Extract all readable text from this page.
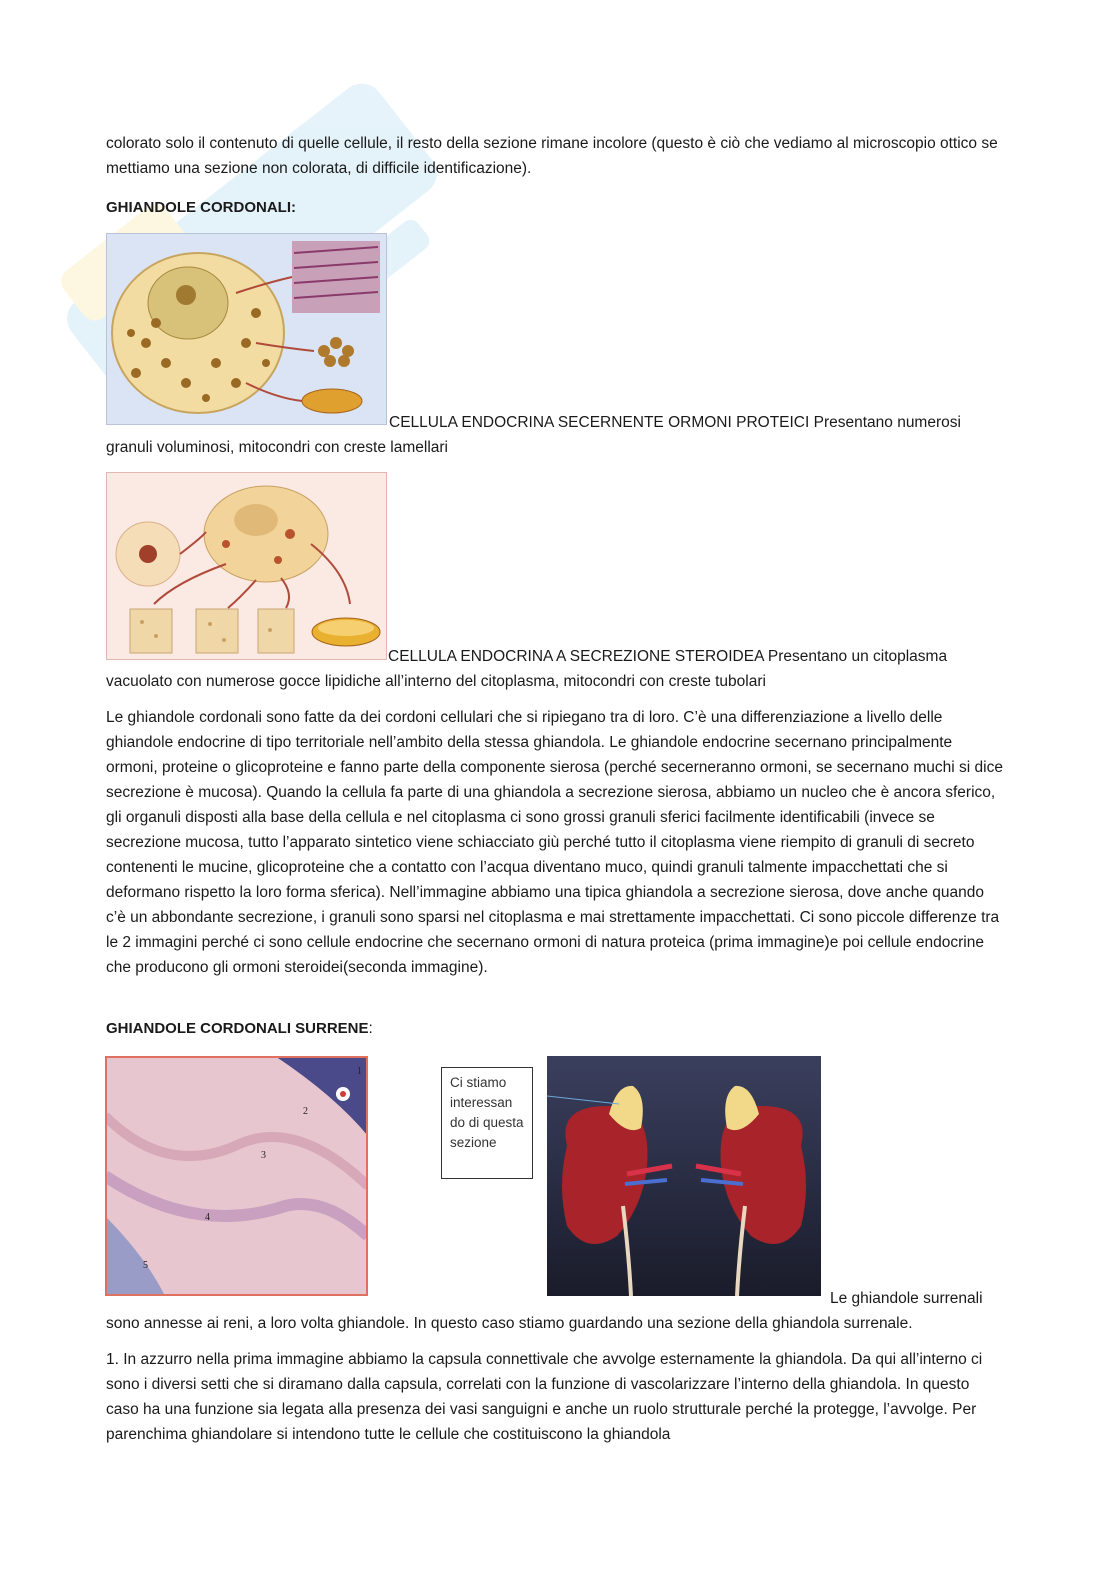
colorato solo il contenuto di quelle cellule, il resto della sezione rimane incolore (questo è ciò che vediamo al microscopio ottico se mettiamo una sezione non colorata, di difficile identificazione).

GHIANDOLE CORDONALI:

CELLULA ENDOCRINA SECERNENTE ORMONI PROTEICI Presentano numerosi

granuli voluminosi, mitocondri con creste lamellari

CELLULA ENDOCRINA A SECREZIONE STEROIDEA Presentano un citoplasma

vacuolato con numerose gocce lipidiche all’interno del citoplasma, mitocondri con creste tubolari

Le ghiandole cordonali sono fatte da dei cordoni cellulari che si ripiegano tra di loro. C’è una differenziazione a livello delle ghiandole endocrine di tipo territoriale nell’ambito della stessa ghiandola. Le ghiandole endocrine secernano principalmente ormoni, proteine o glicoproteine e fanno parte della componente sierosa (perché secerneranno ormoni, se secernano muchi si dice secrezione è mucosa). Quando la cellula fa parte di una ghiandola a secrezione sierosa, abbiamo un nucleo che è ancora sferico, gli organuli disposti alla base della cellula e nel citoplasma ci sono grossi granuli sferici facilmente identificabili (invece se secrezione mucosa, tutto l’apparato sintetico viene schiacciato giù perché tutto il citoplasma viene riempito di granuli di secreto contenenti le mucine, glicoproteine che a contatto con l’acqua diventano muco, quindi granuli talmente impacchettati che si deformano rispetto la loro forma sferica). Nell’immagine abbiamo una tipica ghiandola a secrezione sierosa, dove anche quando c’è un abbondante secrezione, i granuli sono sparsi nel citoplasma e mai strettamente impacchettati. Ci sono piccole differenze tra le 2 immagini perché ci sono cellule endocrine che secernano ormoni di natura proteica (prima immagine)e poi cellule endocrine che producono gli ormoni steroidei(seconda immagine).

GHIANDOLE CORDONALI SURRENE:

1
2
3
4
5
Ci stiamo interessan do di questa sezione

Le ghiandole surrenali

sono annesse ai reni, a loro volta ghiandole. In questo caso stiamo guardando una sezione della ghiandola surrenale.

1. In azzurro nella prima immagine abbiamo la capsula connettivale che avvolge esternamente la ghiandola. Da qui all’interno ci sono i diversi setti che si diramano dalla capsula, correlati con la funzione di vascolarizzare l’interno della ghiandola. In questo caso ha una funzione sia legata alla presenza dei vasi sanguigni e anche un ruolo strutturale perché la protegge, l’avvolge. Per parenchima ghiandolare si intendono tutte le cellule che costituiscono la ghiandola
